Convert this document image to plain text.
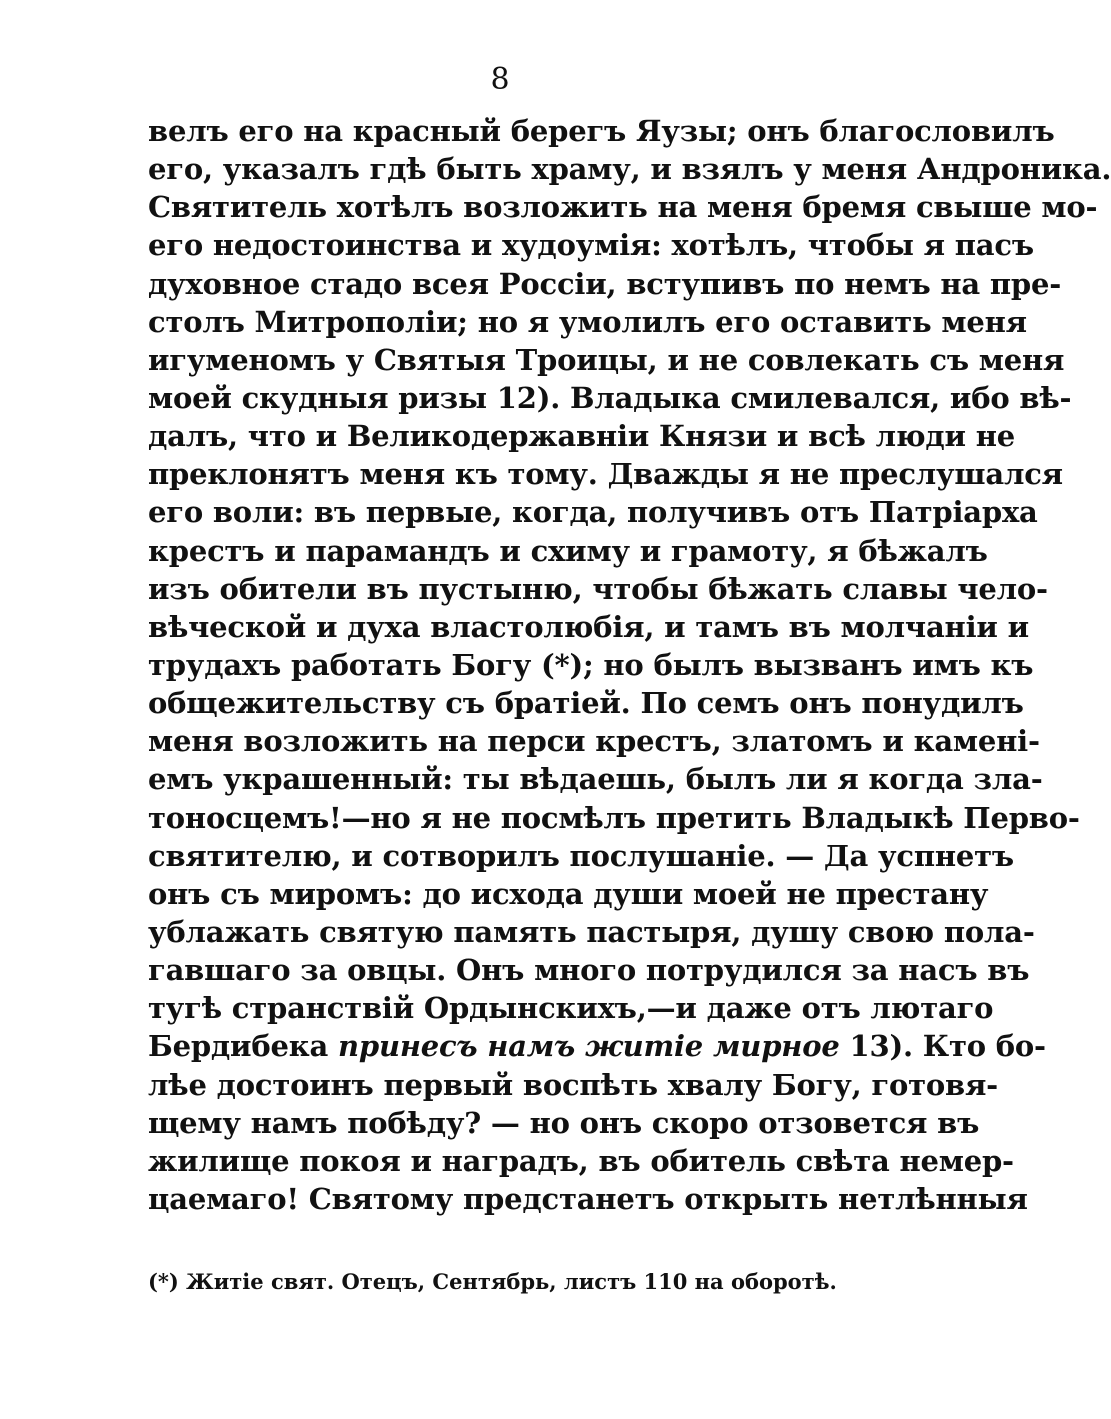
8
велъ его на красный берегъ Яузы; онъ благословилъ
его, указалъ гдѣ быть храму, и взялъ у меня Андроника.
Святитель хотѣлъ возложить на меня бремя свыше мо-
его недостоинства и худоумія: хотѣлъ, чтобы я пасъ
духовное стадо всея Россіи, вступивъ по немъ на пре-
столъ Митрополіи; но я умолилъ его оставить меня
игуменомъ у Святыя Троицы, и не совлекать съ меня
моей скудныя ризы 12). Владыка смилевался, ибо вѣ-
далъ, что и Великодержавніи Князи и всѣ люди не
преклонятъ меня къ тому. Дважды я не преслушался
его воли: въ первые, когда, получивъ отъ Патріарха
крестъ и парамандъ и схиму и грамоту, я бѣжалъ
изъ обители въ пустыню, чтобы бѣжать славы чело-
вѣческой и духа властолюбія, и тамъ въ молчаніи и
трудахъ работать Богу (*); но былъ вызванъ имъ къ
общежительству съ братіей. По семъ онъ понудилъ
меня возложить на перси крестъ, златомъ и камені-
емъ украшенный: ты вѣдаешь, былъ ли я когда зла-
тоносцемъ!—но я не посмѣлъ претить Владыкѣ Перво-
святителю, и сотворилъ послушаніе. — Да успнетъ
онъ съ миромъ: до исхода души моей не престану
ублажать святую память пастыря, душу свою пола-
гавшаго за овцы. Онъ много потрудился за насъ въ
тугѣ странствій Ордынскихъ,—и даже отъ лютаго
Бердибека принесъ намъ житіе мирное 13). Кто бо-
лѣе достоинъ первый воспѣть хвалу Богу, готовя-
щему намъ побѣду? — но онъ скоро отзовется въ
жилище покоя и наградъ, въ обитель свѣта немер-
цаемаго! Святому предстанетъ открыть нетлѣнныя
(*) Житіе свят. Отецъ, Сентябрь, листъ 110 на оборотѣ.
